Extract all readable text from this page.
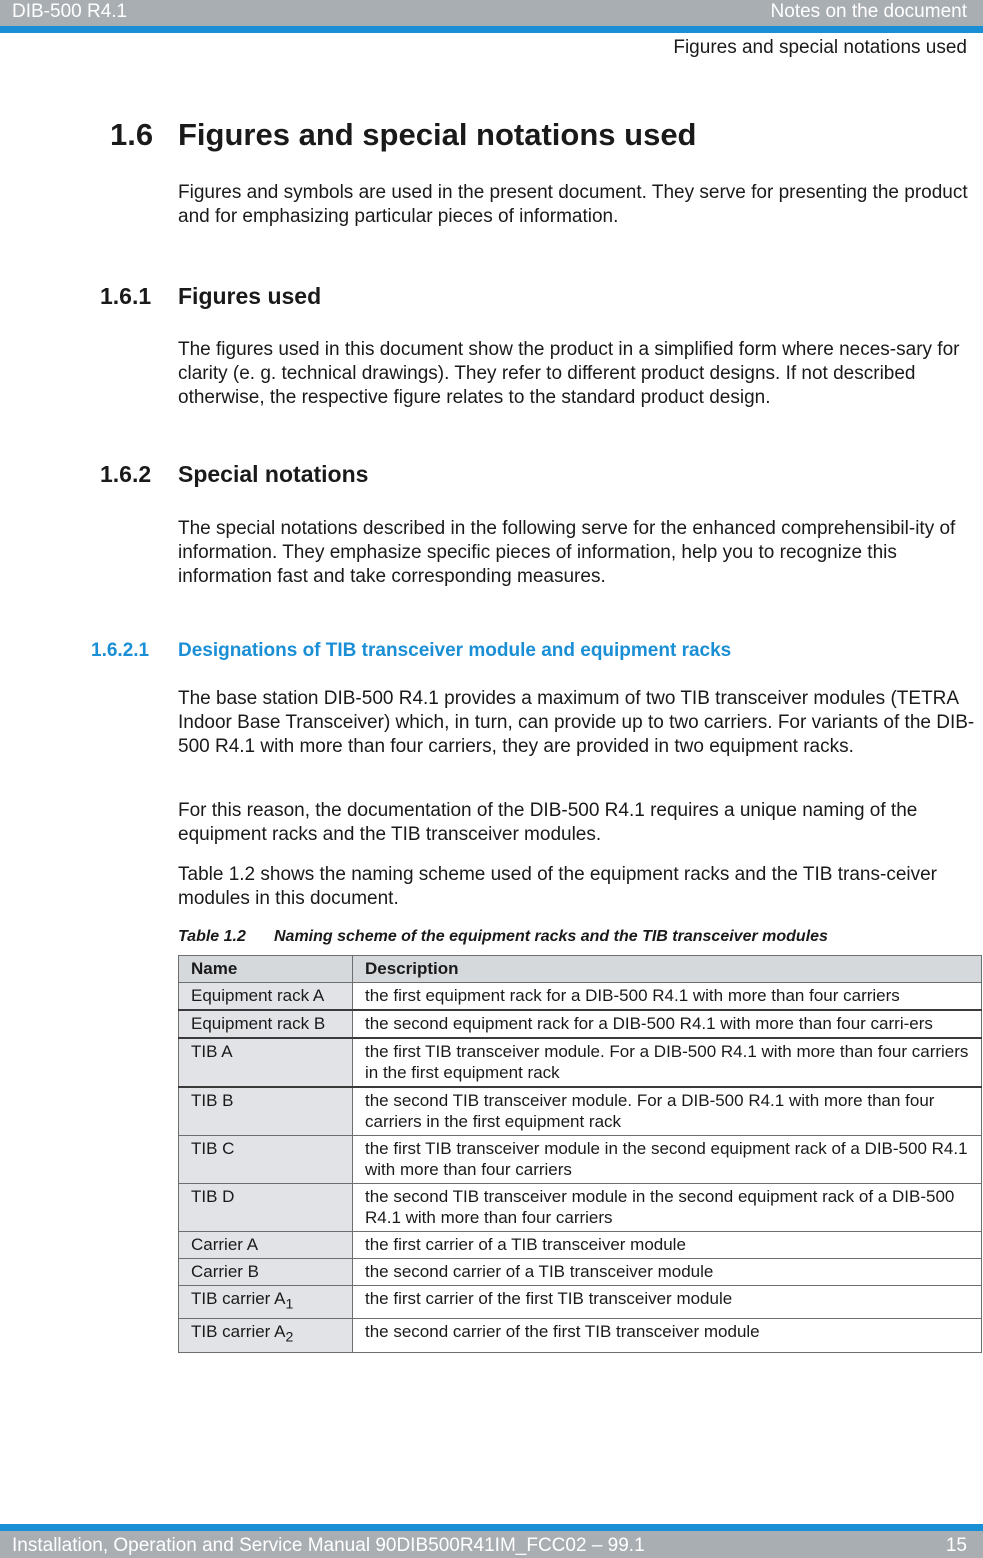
DIB-500 R4.1	Notes on the document
Figures and special notations used
1.6 Figures and special notations used
Figures and symbols are used in the present document. They serve for presenting the product and for emphasizing particular pieces of information.
1.6.1 Figures used
The figures used in this document show the product in a simplified form where neces-sary for clarity (e. g. technical drawings). They refer to different product designs. If not described otherwise, the respective figure relates to the standard product design.
1.6.2 Special notations
The special notations described in the following serve for the enhanced comprehensibil-ity of information. They emphasize specific pieces of information, help you to recognize this information fast and take corresponding measures.
1.6.2.1 Designations of TIB transceiver module and equipment racks
The base station DIB-500 R4.1 provides a maximum of two TIB transceiver modules (TETRA Indoor Base Transceiver) which, in turn, can provide up to two carriers. For variants of the DIB-500 R4.1 with more than four carriers, they are provided in two equipment racks.
For this reason, the documentation of the DIB-500 R4.1 requires a unique naming of the equipment racks and the TIB transceiver modules.
Table 1.2 shows the naming scheme used of the equipment racks and the TIB trans-ceiver modules in this document.
Table 1.2 Naming scheme of the equipment racks and the TIB transceiver modules
Name	Description
Equipment rack A	the first equipment rack for a DIB-500 R4.1 with more than four carriers
Equipment rack B	the second equipment rack for a DIB-500 R4.1 with more than four carri-ers
TIB A	the first TIB transceiver module. For a DIB-500 R4.1 with more than four carriers in the first equipment rack
TIB B	the second TIB transceiver module. For a DIB-500 R4.1 with more than four carriers in the first equipment rack
TIB C	the first TIB transceiver module in the second equipment rack of a DIB-500 R4.1 with more than four carriers
TIB D	the second TIB transceiver module in the second equipment rack of a DIB-500 R4.1 with more than four carriers
Carrier A	the first carrier of a TIB transceiver module
Carrier B	the second carrier of a TIB transceiver module
TIB carrier $A_1$	the first carrier of the first TIB transceiver module
TIB carrier $A_2$	the second carrier of the first TIB transceiver module
Installation, Operation and Service Manual 90DIB500R41IM_FCC02 – 99.1	15
